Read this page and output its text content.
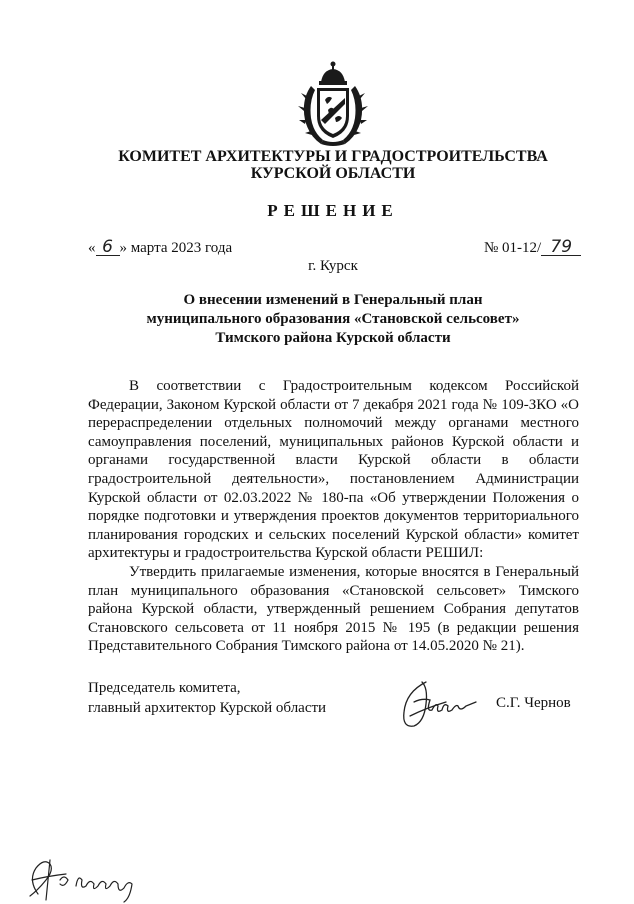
КОМИТЕТ АРХИТЕКТУРЫ И ГРАДОСТРОИТЕЛЬСТВА
КУРСКОЙ ОБЛАСТИ
РЕШЕНИЕ
« 6 » марта 2023 года	№ 01-12/ 79
г. Курск
О внесении изменений в Генеральный план
муниципального образования «Становской сельсовет»
Тимского района Курской области

В соответствии с Градостроительным кодексом Российской Федерации, Законом Курской области от 7 декабря 2021 года № 109-ЗКО «О перераспределении отдельных полномочий между органами местного самоуправления поселений, муниципальных районов Курской области и органами государственной власти Курской области в области градостроительной деятельности», постановлением Администрации Курской области от 02.03.2022 № 180-па «Об утверждении Положения о порядке подготовки и утверждения проектов документов территориального планирования городских и сельских поселений Курской области» комитет архитектуры и градостроительства Курской области РЕШИЛ:

Утвердить прилагаемые изменения, которые вносятся в Генеральный план муниципального образования «Становской сельсовет» Тимского района Курской области, утвержденный решением Собрания депутатов Становского сельсовета от 11 ноября 2015 № 195 (в редакции решения Представительного Собрания Тимского района от 14.05.2020 № 21).

Председатель комитета,
главный архитектор Курской области	С.Г. Чернов
